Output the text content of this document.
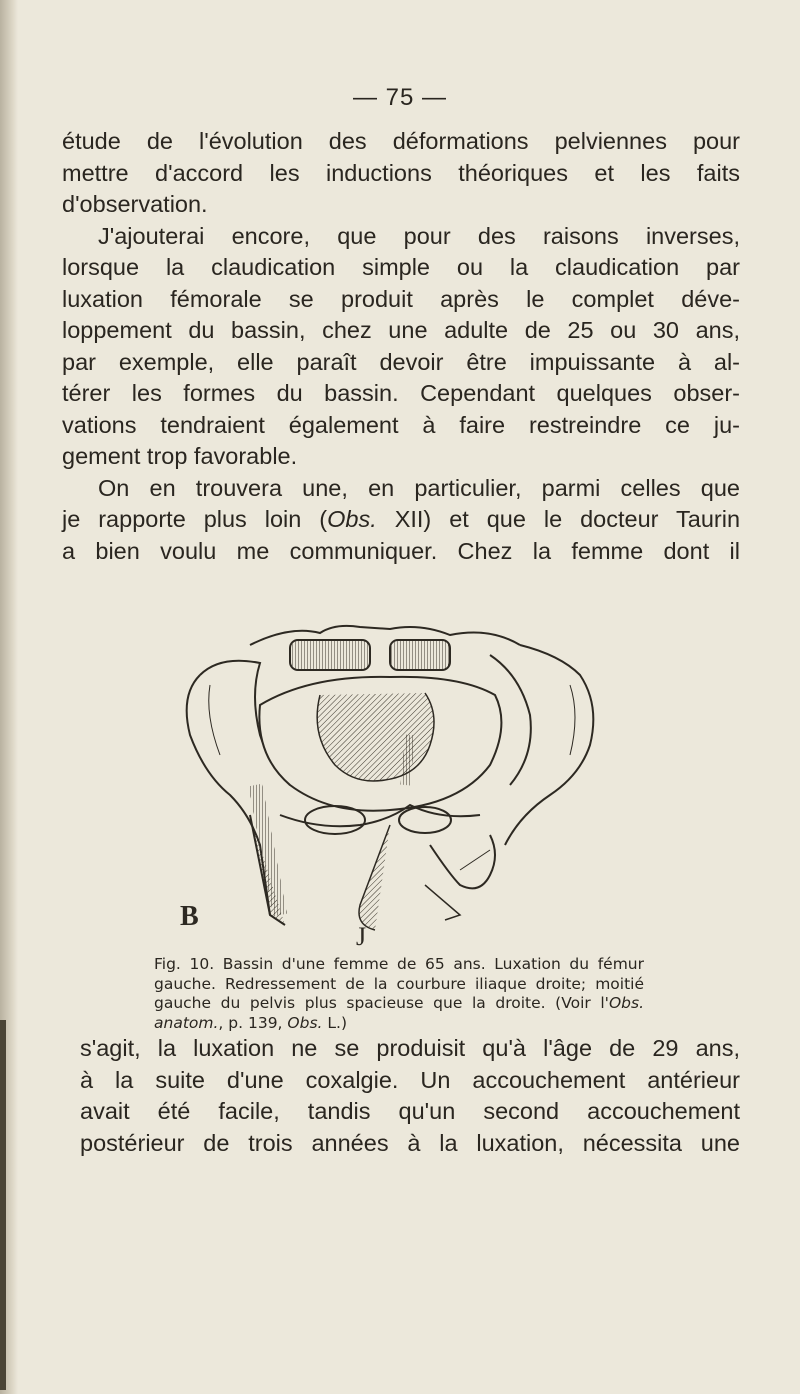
— 75 —
étude de l'évolution des déformations pelviennes pour
mettre d'accord les inductions théoriques et les faits
d'observation.
J'ajouterai encore, que pour des raisons inverses,
lorsque la claudication simple ou la claudication par
luxation fémorale se produit après le complet déve-
loppement du bassin, chez une adulte de 25 ou 30 ans,
par exemple, elle paraît devoir être impuissante à al-
térer les formes du bassin. Cependant quelques obser-
vations tendraient également à faire restreindre ce ju-
gement trop favorable.
On en trouvera une, en particulier, parmi celles que
je rapporte plus loin (Obs. XII) et que le docteur Taurin
a bien voulu me communiquer. Chez la femme dont il
B
J
Fig. 10. Bassin d'une femme de 65 ans. Luxation du fémur gauche. Redressement de la courbure iliaque droite; moitié gauche du pelvis plus spacieuse que la droite. (Voir l'Obs. anatom., p. 139, Obs. L.)
s'agit, la luxation ne se produisit qu'à l'âge de 29 ans,
à la suite d'une coxalgie. Un accouchement antérieur
avait été facile, tandis qu'un second accouchement
postérieur de trois années à la luxation, nécessita une
